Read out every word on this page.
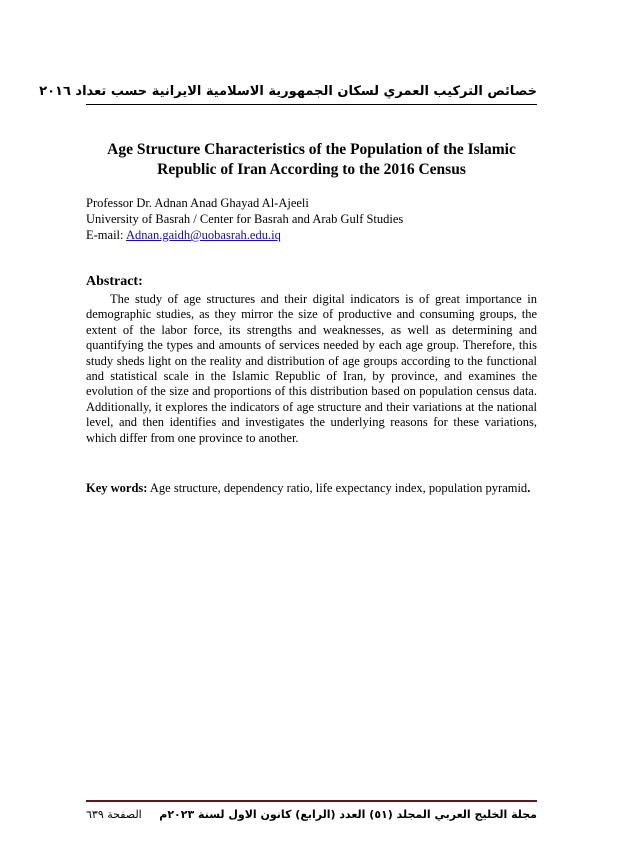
خصائص التركيب العمري لسكان الجمهورية الاسلامية الايرانية حسب تعداد ٢٠١٦
Age Structure Characteristics of the Population of the Islamic
Republic of Iran According to the 2016 Census
Professor Dr. Adnan Anad Ghayad Al-Ajeeli
University of Basrah / Center for Basrah and Arab Gulf Studies
E-mail: Adnan.gaidh@uobasrah.edu.iq
Abstract:

The study of age structures and their digital indicators is of great importance in demographic studies, as they mirror the size of productive and consuming groups, the extent of the labor force, its strengths and weaknesses, as well as determining and quantifying the types and amounts of services needed by each age group. Therefore, this study sheds light on the reality and distribution of age groups according to the functional and statistical scale in the Islamic Republic of Iran, by province, and examines the evolution of the size and proportions of this distribution based on population census data. Additionally, it explores the indicators of age structure and their variations at the national level, and then identifies and investigates the underlying reasons for these variations, which differ from one province to another.

Key words: Age structure, dependency ratio, life expectancy index, population pyramid.
مجلة الخليج العربي المجلد (٥١) العدد (الرابع) كانون الاول لسنة ٢٠٢٣م
الصفحة ٦٣٩
